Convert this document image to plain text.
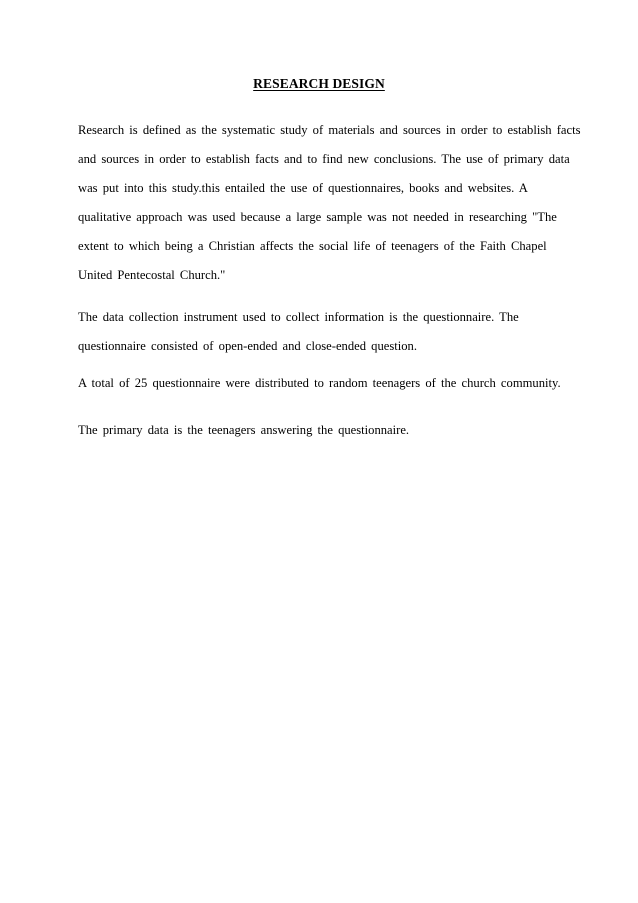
RESEARCH DESIGN

Research is defined as the systematic study of materials and sources in order to establish facts
and sources in order to establish facts and to find new conclusions. The use of primary data
was put into this study.this entailed the use of questionnaires, books and websites. A
qualitative approach was used because a large sample was not needed in researching "The
extent to which being a Christian affects the social life of teenagers of the Faith Chapel
United Pentecostal Church."

The data collection instrument used to collect information is the questionnaire. The
questionnaire consisted of open-ended and close-ended question.

A total of 25 questionnaire were distributed to random teenagers of the church community.

The primary data is the teenagers answering the questionnaire.
